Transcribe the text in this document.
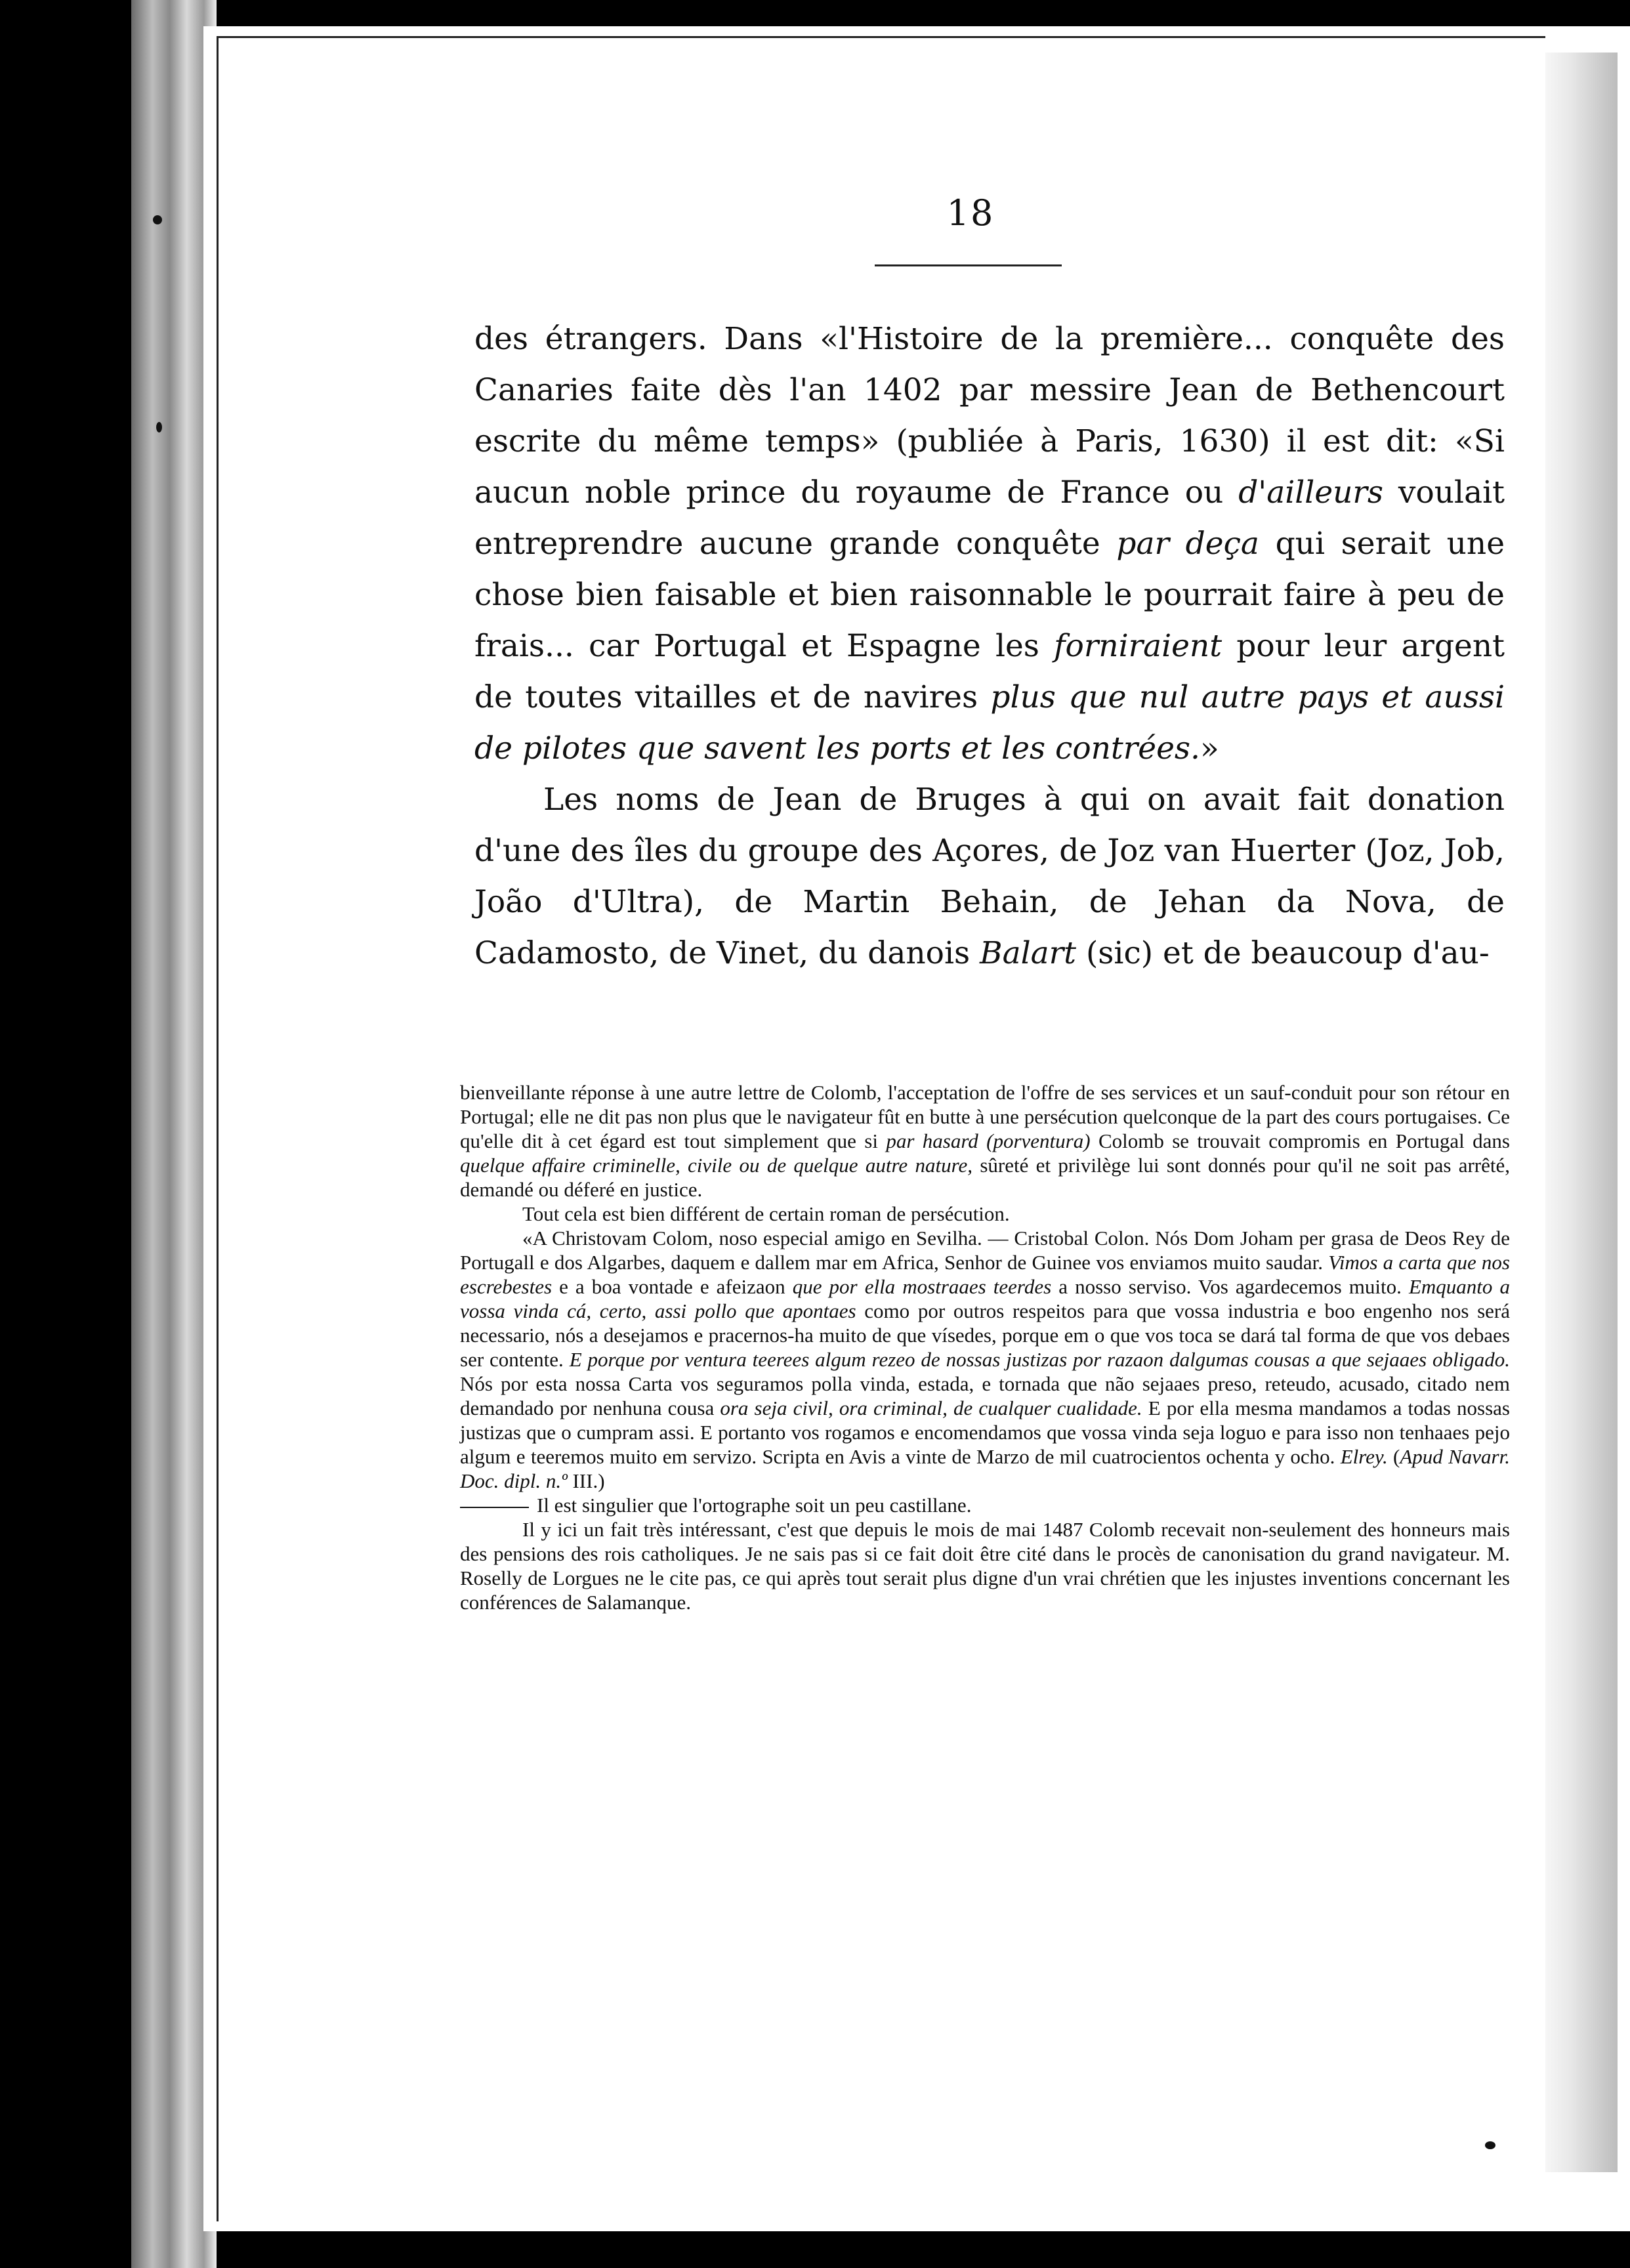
18

des étrangers. Dans «l'Histoire de la première... conquête des Canaries faite dès l'an 1402 par messire Jean de Bethencourt escrite du même temps» (publiée à Paris, 1630) il est dit: «Si aucun noble prince du royaume de France ou d'ailleurs voulait entreprendre aucune grande conquête par deça qui serait une chose bien faisable et bien raisonnable le pourrait faire à peu de frais... car Portugal et Espagne les forniraient pour leur argent de toutes vitailles et de navires plus que nul autre pays et aussi de pilotes que savent les ports et les contrées.»

Les noms de Jean de Bruges à qui on avait fait donation d'une des îles du groupe des Açores, de Joz van Huerter (Joz, Job, João d'Ultra), de Martin Behain, de Jehan da Nova, de Cadamosto, de Vinet, du danois Balart (sic) et de beaucoup d'au-

bienveillante réponse à une autre lettre de Colomb, l'acceptation de l'offre de ses services et un sauf-conduit pour son rétour en Portugal; elle ne dit pas non plus que le navigateur fût en butte à une persécution quelconque de la part des cours portugaises. Ce qu'elle dit à cet égard est tout simplement que si par hasard (porventura) Colomb se trouvait compromis en Portugal dans quelque affaire criminelle, civile ou de quelque autre nature, sûreté et privilège lui sont donnés pour qu'il ne soit pas arrêté, demandé ou déferé en justice.

Tout cela est bien différent de certain roman de persécution.

«A Christovam Colom, noso especial amigo en Sevilha. — Cristobal Colon. Nós Dom Joham per grasa de Deos Rey de Portugall e dos Algarbes, daquem e dallem mar em Africa, Senhor de Guinee vos enviamos muito saudar. Vimos a carta que nos escrebestes e a boa vontade e afeizaon que por ella mostraaes teerdes a nosso serviso. Vos agardecemos muito. Emquanto a vossa vinda cá, certo, assi pollo que apontaes como por outros respeitos para que vossa industria e boo engenho nos será necessario, nós a desejamos e pracernos-ha muito de que vísedes, porque em o que vos toca se dará tal forma de que vos debaes ser contente. E porque por ventura teerees algum rezeo de nossas justizas por razaon dalgumas cousas a que sejaaes obligado. Nós por esta nossa Carta vos seguramos polla vinda, estada, e tornada que não sejaaes preso, reteudo, acusado, citado nem demandado por nenhuna cousa ora seja civil, ora criminal, de cualquer cualidade. E por ella mesma mandamos a todas nossas justizas que o cumpram assi. E portanto vos rogamos e encomendamos que vossa vinda seja loguo e para isso non tenhaaes pejo algum e teeremos muito em servizo. Scripta en Avis a vinte de Marzo de mil cuatrocientos ochenta y ocho. Elrey. (Apud Navarr. Doc. dipl. n.º III.)

Il est singulier que l'ortographe soit un peu castillane.

Il y ici un fait très intéressant, c'est que depuis le mois de mai 1487 Colomb recevait non-seulement des honneurs mais des pensions des rois catholiques. Je ne sais pas si ce fait doit être cité dans le procès de canonisation du grand navigateur. M. Roselly de Lorgues ne le cite pas, ce qui après tout serait plus digne d'un vrai chrétien que les injustes inventions concernant les conférences de Salamanque.
